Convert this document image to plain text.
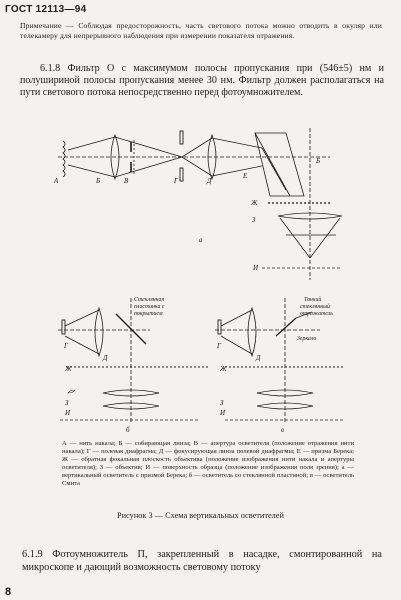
ГОСТ 12113—94
Примечание — Соблюдая предосторожность, часть светового потока можно отводить в окуляр или телекамеру для непрерывного наблюдения при измерении показателя отражения.
6.1.8 Фильтр О с максимумом полосы пропускания при (546±5) нм и полушириной полосы пропускания менее 30 нм. Фильтр должен располагаться на пути светового потока непосредственно перед фотоумножителем.
А	Б	В	Г	Д
Е
Б
Ж
З
И
а
Стеклянная
пластинка с
покрытием
Г
Д
Ж
З
И
б
Тонкий
стеклянный
отражатель
Зеркало
Г
Д
Ж
З
И
в
А — нить накала; Б — собирающая линза; В — апертура осветителя (положение отражения нити накала); Г — полевая диафрагма; Д — фокусирующая линза полевой диафрагмы; Е — призма Берека; Ж — обратная фокальная плоскость объектива (положение изображения нити накала и апертуры осветителя); З — объектив; И — поверхность образца (положение изображения поля зрения); а — вертикальный осветитель с призмой Берека; б — осветитель со стеклянной пластиной; в — осветитель Смита
Рисунок 3 — Схема вертикальных осветителей
6.1.9 Фотоумножитель П, закрепленный в насадке, смонтированной на микроскопе и дающий возможность световому потоку
8
